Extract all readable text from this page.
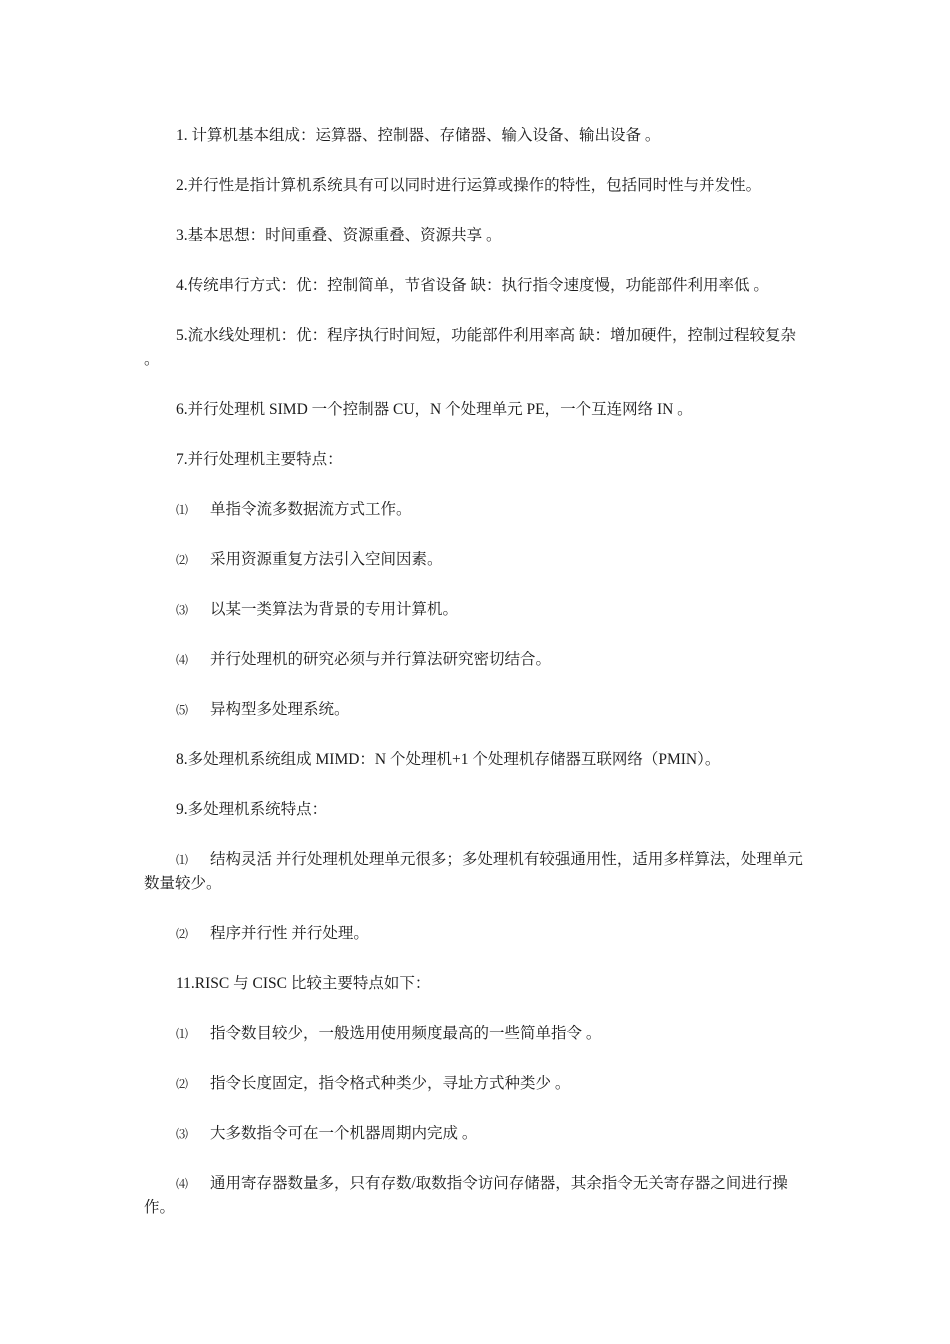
1. 计算机基本组成：运算器、控制器、存储器、输入设备、输出设备 。

2.并行性是指计算机系统具有可以同时进行运算或操作的特性，包括同时性与并发性。

3.基本思想：时间重叠、资源重叠、资源共享 。

4.传统串行方式：优：控制简单，节省设备 缺：执行指令速度慢，功能部件利用率低 。

5.流水线处理机：优：程序执行时间短，功能部件利用率高 缺：增加硬件，控制过程较复杂 。

6.并行处理机 SIMD 一个控制器 CU，N 个处理单元 PE，一个互连网络 IN 。

7.并行处理机主要特点：

⑴ 单指令流多数据流方式工作。

⑵ 采用资源重复方法引入空间因素。

⑶ 以某一类算法为背景的专用计算机。

⑷ 并行处理机的研究必须与并行算法研究密切结合。

⑸ 异构型多处理系统。

8.多处理机系统组成 MIMD：N 个处理机+1 个处理机存储器互联网络（PMIN）。

9.多处理机系统特点：

⑴ 结构灵活 并行处理机处理单元很多；多处理机有较强通用性，适用多样算法，处理单元数量较少。

⑵ 程序并行性 并行处理。

11.RISC 与 CISC 比较主要特点如下：

⑴ 指令数目较少，一般选用使用频度最高的一些简单指令 。

⑵ 指令长度固定，指令格式种类少，寻址方式种类少 。

⑶ 大多数指令可在一个机器周期内完成 。

⑷ 通用寄存器数量多，只有存数/取数指令访问存储器，其余指令无关寄存器之间进行操作。
